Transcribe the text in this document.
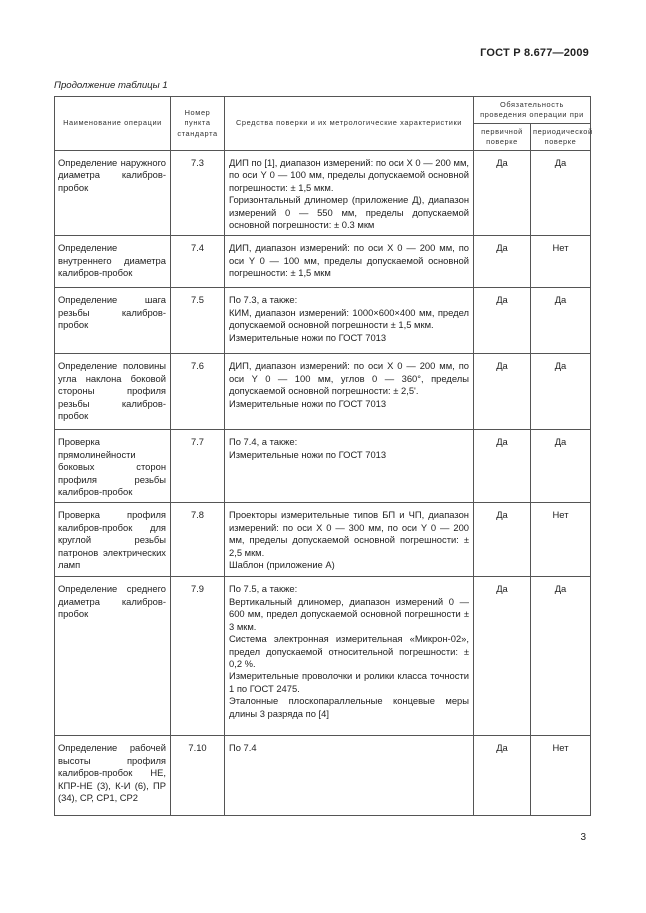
ГОСТ Р 8.677—2009
Продолжение таблицы 1
Наименование операции	Номер пункта стандарта	Средства поверки и их метрологические характеристики	Обязательность проведения операции при	
			первичной поверке	периодической поверке
Определение наружного диаметра калибров-пробок	7.3	ДИП по [1], диапазон измерений: по оси X 0 — 200 мм, по оси Y 0 — 100 мм, пределы допускаемой основной погрешности: ± 1,5 мкм.
Горизонтальный длиномер (приложение Д), диапазон измерений 0 — 550 мм, пределы допускаемой основной погрешности: ± 0.3 мкм	Да	Да
Определение внутреннего диаметра калибров-пробок	7.4	ДИП, диапазон измерений: по оси X 0 — 200 мм, по оси Y 0 — 100 мм, пределы допускаемой основной погрешности: ± 1,5 мкм	Да	Нет
Определение шага резьбы калибров-пробок	7.5	По 7.3, а также:
КИМ, диапазон измерений: 1000×600×400 мм, предел допускаемой основной погрешности ± 1,5 мкм.
Измерительные ножи по ГОСТ 7013	Да	Да
Определение половины угла наклона боковой стороны профиля резьбы калибров-пробок	7.6	ДИП, диапазон измерений: по оси X 0 — 200 мм, по оси Y 0 — 100 мм, углов 0 — 360°, пределы допускаемой основной погрешности: ± 2,5'.
Измерительные ножи по ГОСТ 7013	Да	Да
Проверка прямолинейности боковых сторон профиля резьбы калибров-пробок	7.7	По 7.4, а также:
Измерительные ножи по ГОСТ 7013	Да	Да
Проверка профиля калибров-пробок для круглой резьбы патронов электрических ламп	7.8	Проекторы измерительные типов БП и ЧП, диапазон измерений: по оси X 0 — 300 мм, по оси Y 0 — 200 мм, пределы допускаемой основной погрешности: ± 2,5 мкм.
Шаблон (приложение А)	Да	Нет
Определение среднего диаметра калибров-пробок	7.9	По 7.5, а также:
Вертикальный длиномер, диапазон измерений 0 — 600 мм, предел допускаемой основной погрешности ± 3 мкм.
Система электронная измерительная «Микрон-02», предел допускаемой относительной погрешности: ± 0,2 %.
Измерительные проволочки и ролики класса точности 1 по ГОСТ 2475.
Эталонные плоскопараллельные концевые меры длины 3 разряда по [4]	Да	Да
Определение рабочей высоты профиля калибров-пробок НЕ, КПР-НЕ (3), К-И (6), ПР (34), СР, СР1, СР2	7.10	По 7.4	Да	Нет
3
